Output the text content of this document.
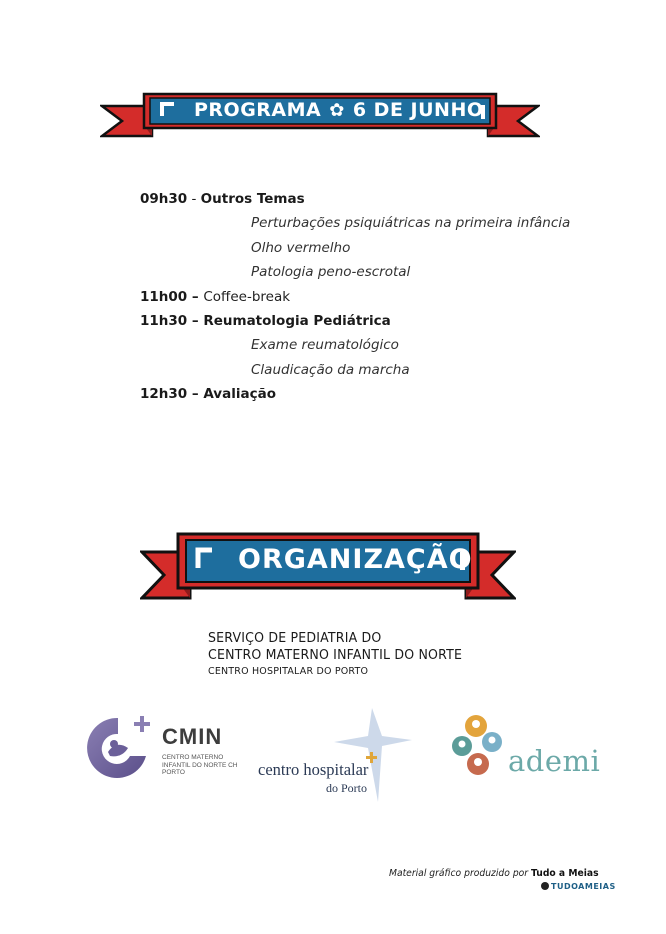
PROGRAMA ✿ 6 DE JUNHO
09h30 - Outros Temas
Perturbações psiquiátricas na primeira infância
Olho vermelho
Patologia peno-escrotal
11h00 – Coffee-break
11h30 – Reumatologia Pediátrica
Exame reumatológico
Claudicação da marcha
12h30 – Avaliação
ORGANIZAÇÃO
SERVIÇO DE PEDIATRIA DO
CENTRO MATERNO INFANTIL DO NORTE
CENTRO HOSPITALAR DO PORTO
CMIN
CENTRO MATERNO INFANTIL DO NORTE CH PORTO	centro hospitalar
do Porto
ademi
Material gráfico produzido por Tudo a Meias
TUDOAMEIAS
